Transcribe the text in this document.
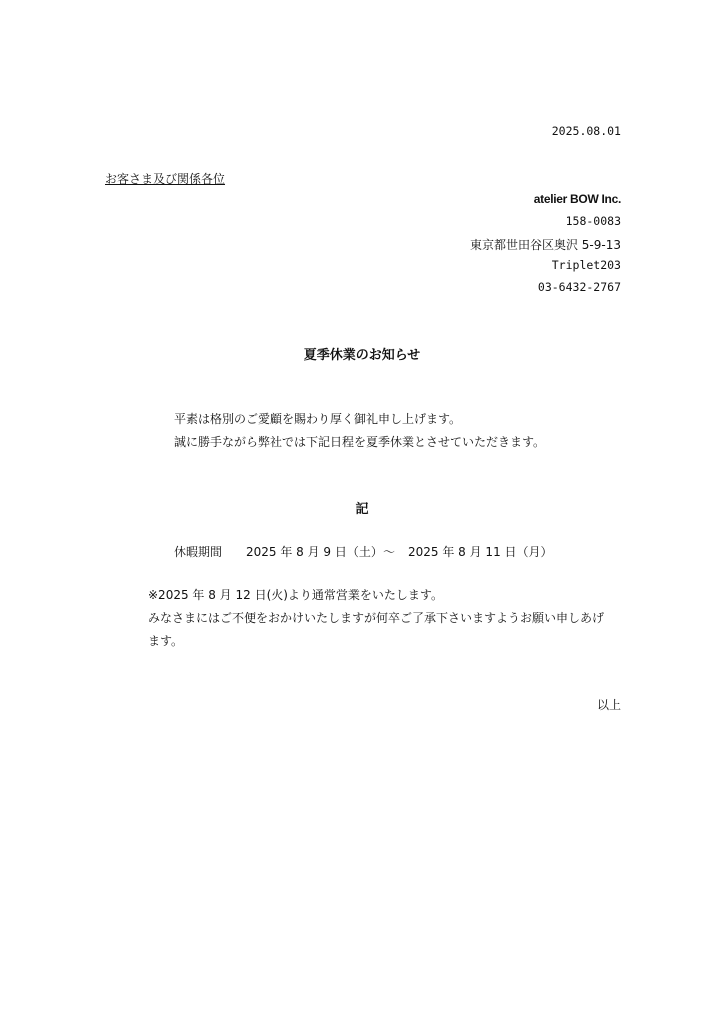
2025.08.01
お客さま及び関係各位
atelier BOW Inc.
158-0083
東京都世田谷区奥沢 5-9-13
Triplet203
03-6432-2767
夏季休業のお知らせ
平素は格別のご愛顧を賜わり厚く御礼申し上げます。
誠に勝手ながら弊社では下記日程を夏季休業とさせていただきます。
記
休暇期間 2025 年 8 月 9 日（土） ～ 2025 年 8 月 11 日（月）
※2025 年 8 月 12 日(火)より通常営業をいたします。
みなさまにはご不便をおかけいたしますが何卒ご了承下さいますようお願い申しあげ
ます。
以上
